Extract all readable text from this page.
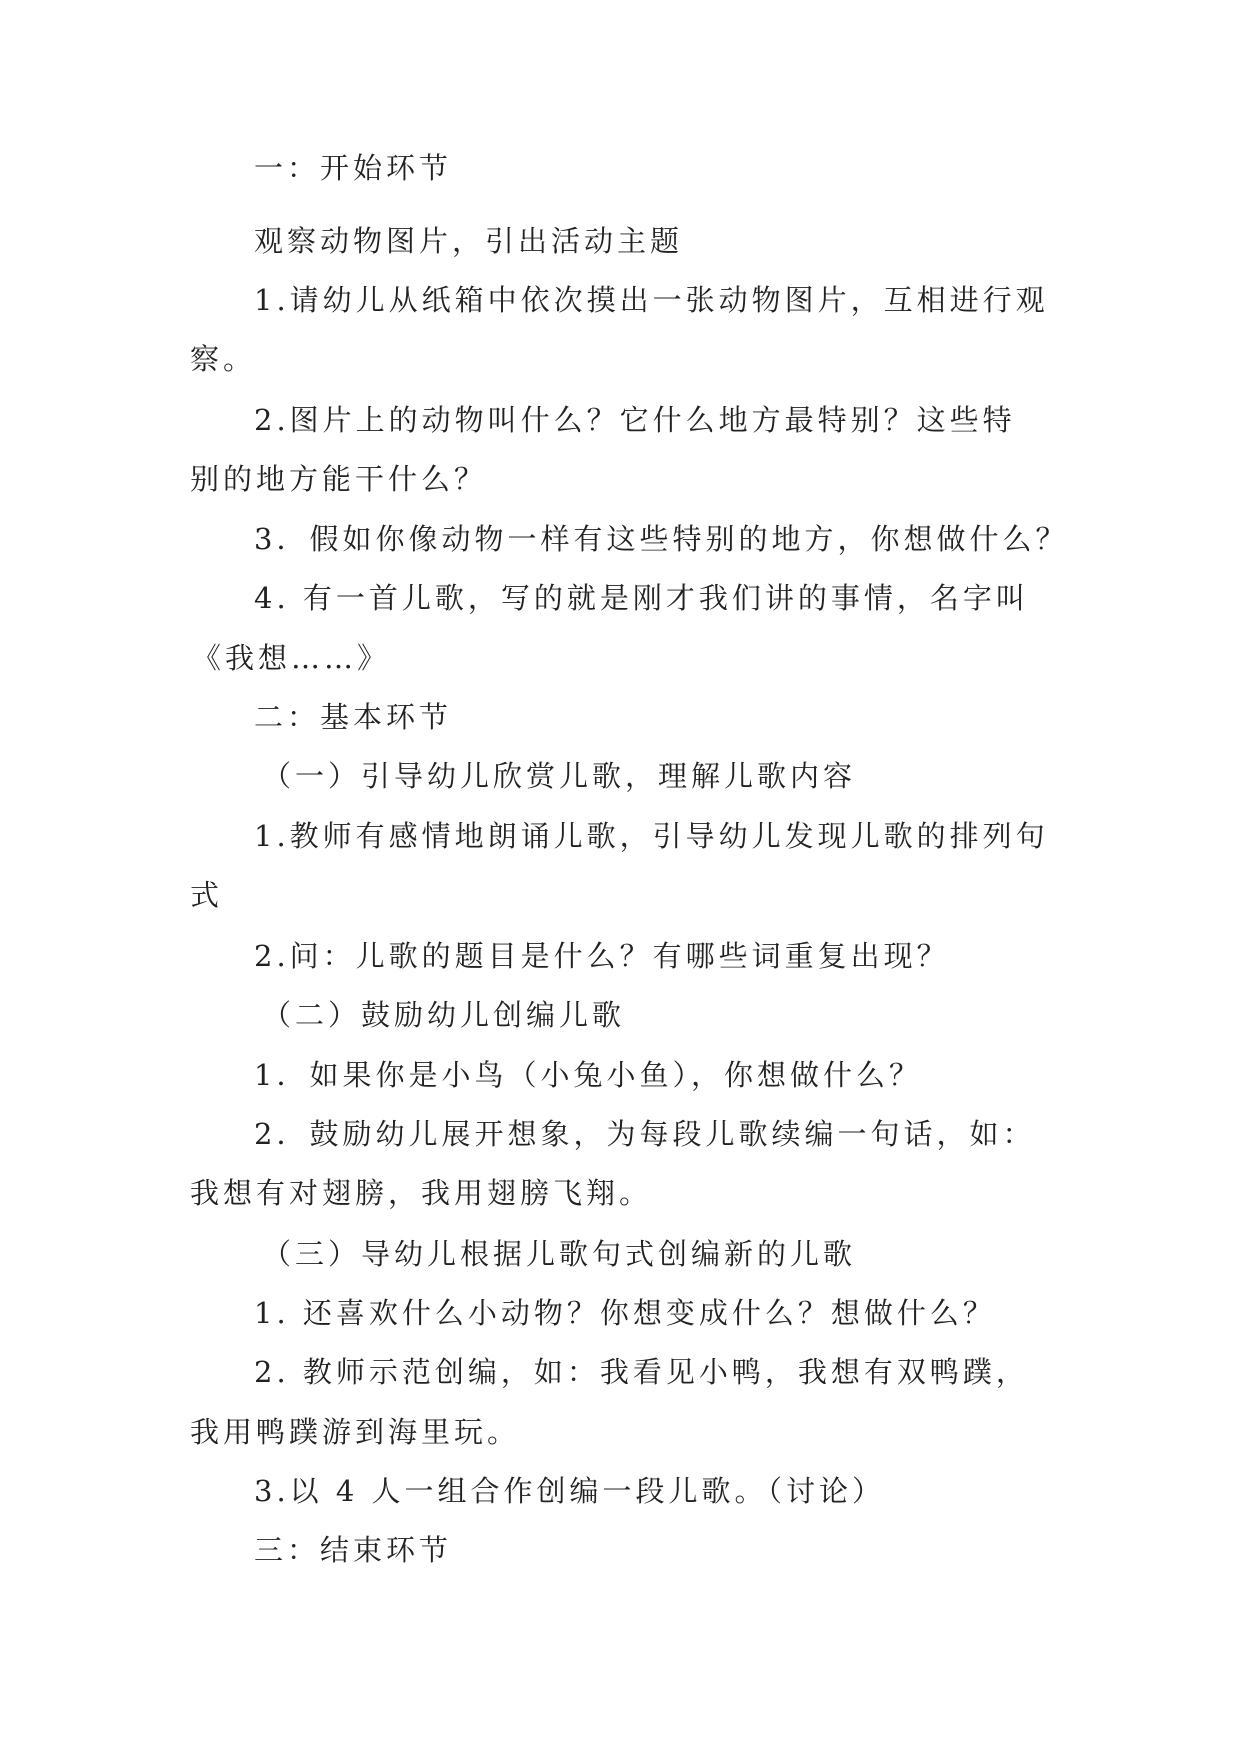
一：开始环节

观察动物图片，引出活动主题

1.请幼儿从纸箱中依次摸出一张动物图片，互相进行观

察。

2.图片上的动物叫什么？它什么地方最特别？这些特

别的地方能干什么？

3．假如你像动物一样有这些特别的地方，你想做什么？

4. 有一首儿歌，写的就是刚才我们讲的事情，名字叫

《我想……》

二：基本环节

（一）引导幼儿欣赏儿歌，理解儿歌内容

1.教师有感情地朗诵儿歌，引导幼儿发现儿歌的排列句

式

2.问：儿歌的题目是什么？有哪些词重复出现？

（二）鼓励幼儿创编儿歌

1．如果你是小鸟（小兔小鱼），你想做什么？

2．鼓励幼儿展开想象，为每段儿歌续编一句话，如：

我想有对翅膀，我用翅膀飞翔。

（三）导幼儿根据儿歌句式创编新的儿歌

1. 还喜欢什么小动物？你想变成什么？想做什么？

2. 教师示范创编，如：我看见小鸭，我想有双鸭蹼，

我用鸭蹼游到海里玩。

3.以 4 人一组合作创编一段儿歌。（讨论）

三：结束环节
